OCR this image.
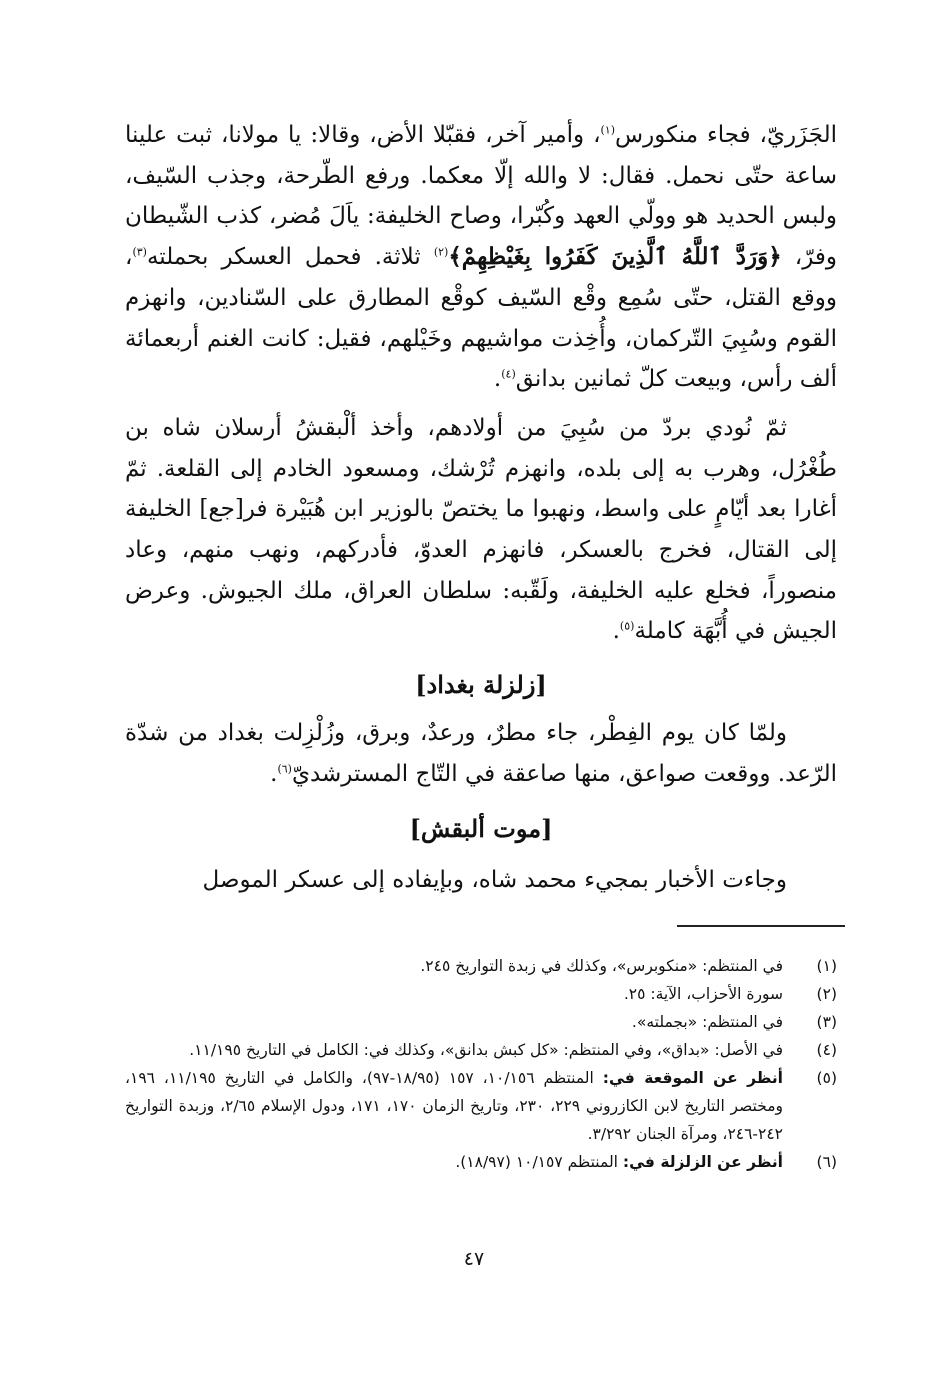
الجَزَريّ، فجاء منكورس$^{(١)}$، وأمير آخر، فقبّلا الأض، وقالا: يا مولانا، ثبت علينا ساعة حتّى نحمل. فقال: لا والله إلّا معكما. ورفع الطّرحة، وجذب السّيف، ولبس الحديد هو وولّي العهد وكُبّرا، وصاح الخليفة: ياَلَ مُضر، كذب الشّيطان وفرّ، ﴿وَرَدَّ ٱللَّهُ ٱلَّذِينَ كَفَرُوا بِغَيْظِهِمْ﴾$^{(٢)}$ ثلاثة. فحمل العسكر بحملته$^{(٣)}$، ووقع القتل، حتّى سُمِع وقْع السّيف كوقْع المطارق على السّنادين، وانهزم القوم وسُبِيَ التّركمان، وأُخِذت مواشيهم وخَيْلهم، فقيل: كانت الغنم أربعمائة ألف رأس، وبيعت كلّ ثمانين بدانق$^{(٤)}$.

ثمّ نُودي بردّ من سُبِيَ من أولادهم، وأخذ ألْبقشُ أرسلان شاه بن طُغْرُل، وهرب به إلى بلده، وانهزم تُرْشك، ومسعود الخادم إلى القلعة. ثمّ أغارا بعد أيّامٍ على واسط، ونهبوا ما يختصّ بالوزير ابن هُبَيْرة فر[جع] الخليفة إلى القتال، فخرج بالعسكر، فانهزم العدوّ، فأدركهم، ونهب منهم، وعاد منصوراً، فخلع عليه الخليفة، ولَقّبه: سلطان العراق، ملك الجيوش. وعرض الجيش في أُبَّهَة كاملة$^{(٥)}$.

[زلزلة بغداد]

ولمّا كان يوم الفِطْر، جاء مطرٌ، ورعدٌ، وبرق، وزُلْزِلت بغداد من شدّة الرّعد. ووقعت صواعق، منها صاعقة في التّاج المسترشديّ$^{(٦)}$.

[موت ألبقش]

وجاءت الأخبار بمجيء محمد شاه، وبإيفاده إلى عسكر الموصل

(١)
في المنتظم: «منكوبرس»، وكذلك في زبدة التواريخ ٢٤٥.
(٢)
سورة الأحزاب، الآية: ٢٥.
(٣)
في المنتظم: «بجملته».
(٤)
في الأصل: «بداق»، وفي المنتظم: «كل كبش بدانق»، وكذلك في: الكامل في التاريخ ١١/١٩٥.
(٥)
أنظر عن الموقعة في: المنتظم ١٠/١٥٦، ١٥٧ (١٨/٩٥-٩٧)، والكامل في التاريخ ١١/١٩٥، ١٩٦، ومختصر التاريخ لابن الكازروني ٢٢٩، ٢٣٠، وتاريخ الزمان ١٧٠، ١٧١، ودول الإسلام ٢/٦٥، وزبدة التواريخ ٢٤٢-٢٤٦، ومرآة الجنان ٣/٢٩٢.
(٦)
أنظر عن الزلزلة في: المنتظم ١٠/١٥٧ (١٨/٩٧).
٤٧
